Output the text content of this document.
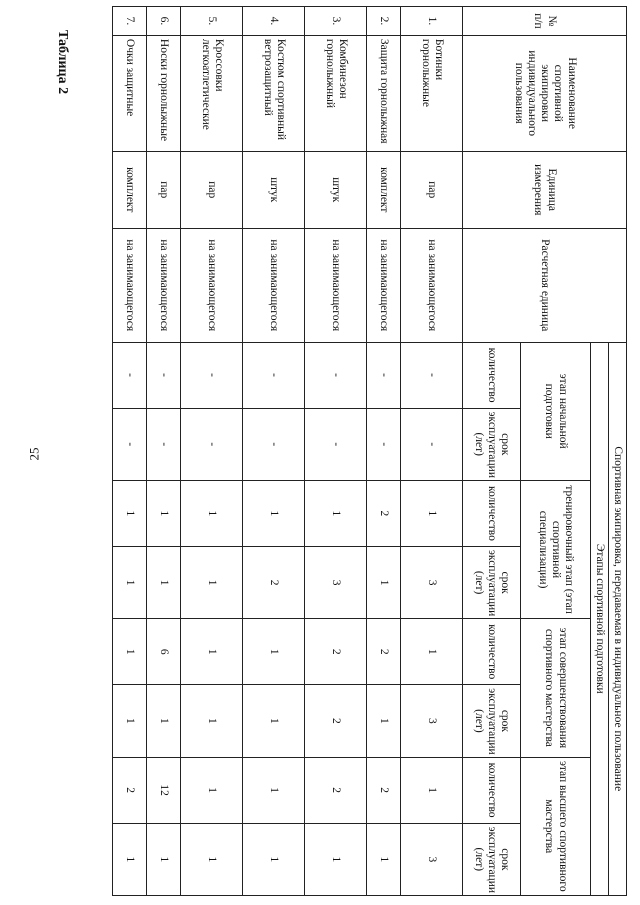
25
Таблица 2
№ п/п	Наименование спортивной экипировки индивидуального пользования	Единица измерения	Расчетная единица	Спортивная экипировка, передаваемая в индивидуальное пользование							
				Этапы спортивной подготовки							
				этап начальной подготовки		тренировочный этап (этап спортивной специализации)		этап совершенствования спортивного мастерства		этап высшего спортивного мастерства	
				количество	срок эксплуатации (лет)	количество	срок эксплуатации (лет)	количество	срок эксплуатации (лет)	количество	срок эксплуатации (лет)
1.	Ботинки горнолыжные	пар	на занимающегося	-	-	1	3	1	3	1	3
2.	Защита горнолыжная	комплект	на занимающегося	-	-	2	1	2	1	2	1
3.	Комбинезон горнолыжный	штук	на занимающегося	-	-	1	3	2	2	2	1
4.	Костюм спортивный ветрозащитный	штук	на занимающегося	-	-	1	2	1	1	1	1
5.	Кроссовки легкоатлетические	пар	на занимающегося	-	-	1	1	1	1	1	1
6.	Носки горнолыжные	пар	на занимающегося	-	-	1	1	6	1	12	1
7.	Очки защитные	комплект	на занимающегося	-	-	1	1	1	1	2	1
